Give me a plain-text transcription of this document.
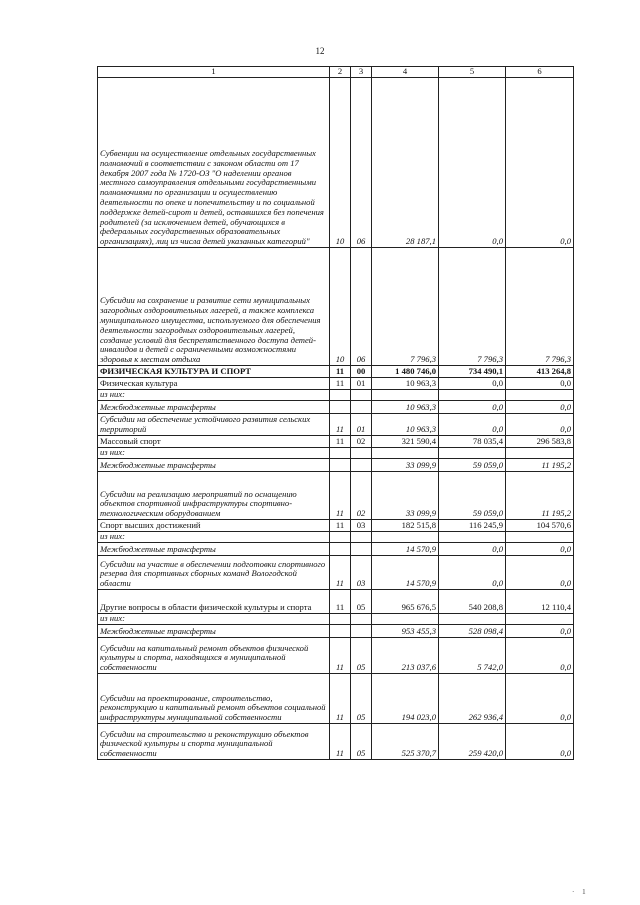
12
1	2	3	4	5	6
Субвенции на осуществление отдельных государственных полномочий в соответствии с законом области от 17 декабря 2007 года № 1720-ОЗ "О наделении органов местного самоуправления отдельными государственными полномочиями по организации и осуществлению деятельности по опеке и попечительству и по социальной поддержке детей-сирот и детей, оставшихся без попечения родителей (за исключением детей, обучающихся в федеральных государственных образовательных организациях), лиц из числа детей указанных категорий"	10	06	28 187,1	0,0	0,0
Субсидии на сохранение и развитие сети муниципальных загородных оздоровительных лагерей, а также комплекса муниципального имущества, используемого для обеспечения деятельности загородных оздоровительных лагерей, создание условий для беспрепятственного доступа детей-инвалидов и детей с ограниченными возможностями здоровья к местам отдыха	10	06	7 796,3	7 796,3	7 796,3
ФИЗИЧЕСКАЯ КУЛЬТУРА И СПОРТ	11	00	1 480 746,0	734 490,1	413 264,8
Физическая культура	11	01	10 963,3	0,0	0,0
из них:					
Межбюджетные трансферты			10 963,3	0,0	0,0
Субсидии на обеспечение устойчивого развития сельских территорий	11	01	10 963,3	0,0	0,0
Массовый спорт	11	02	321 590,4	78 035,4	296 583,8
из них:					
Межбюджетные трансферты			33 099,9	59 059,0	11 195,2
Субсидии на реализацию мероприятий по оснащению объектов спортивной инфраструктуры спортивно-технологическим оборудованием	11	02	33 099,9	59 059,0	11 195,2
Спорт высших достижений	11	03	182 515,8	116 245,9	104 570,6
из них:					
Межбюджетные трансферты			14 570,9	0,0	0,0
Субсидии на участие в обеспечении подготовки спортивного резерва для спортивных сборных команд Вологодской области	11	03	14 570,9	0,0	0,0
Другие вопросы в области физической культуры и спорта	11	05	965 676,5	540 208,8	12 110,4
из них:					
Межбюджетные трансферты			953 455,3	528 098,4	0,0
Субсидии на капитальный ремонт объектов физической культуры и спорта, находящихся в муниципальной собственности	11	05	213 037,6	5 742,0	0,0
Субсидии на проектирование, строительство, реконструкцию и капитальный ремонт объектов социальной инфраструктуры муниципальной собственности	11	05	194 023,0	262 936,4	0,0
Субсидии на строительство и реконструкцию объектов физической культуры и спорта муниципальной собственности	11	05	525 370,7	259 420,0	0,0
· 1
